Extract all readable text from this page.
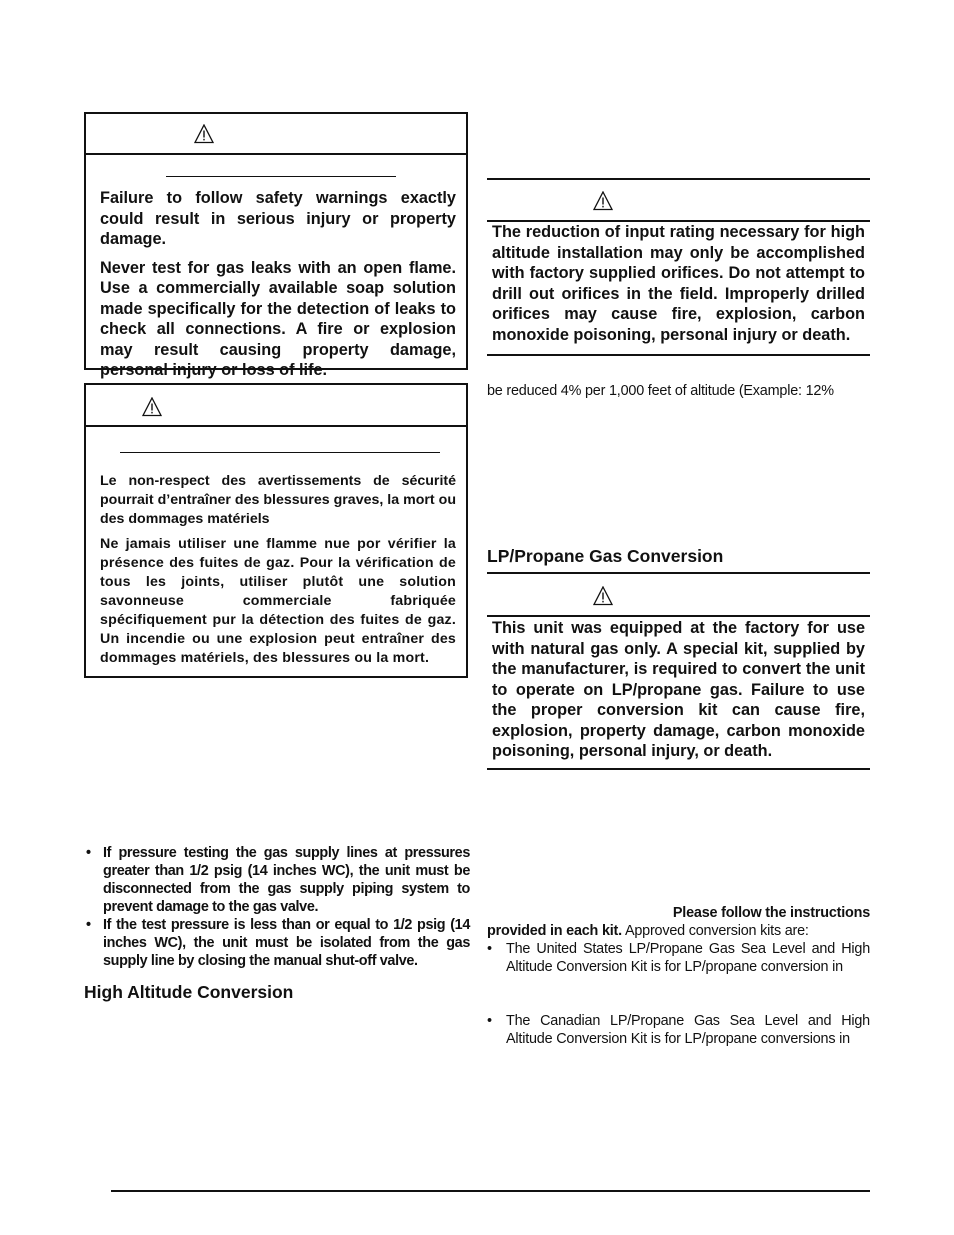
Failure to follow safety warnings exactly could result in serious injury or property damage.

Never test for gas leaks with an open flame. Use a commercially available soap solution made specifically for the detection of leaks to check all connections. A fire or explosion may result causing property damage, personal injury or loss of life.

Le non-respect des avertissements de sécurité pourrait d’entraîner des blessures graves, la mort ou des dommages matériels

Ne jamais utiliser une flamme nue por vérifier la présence des fuites de gaz. Pour la vérification de tous les joints, utiliser plutôt une solution savonneuse commerciale fabriquée spécifiquement pur la détection des fuites de gaz. Un incendie ou une explosion peut entraîner des dommages matériels, des blessures ou la mort.

• If pressure testing the gas supply lines at pressures greater than 1/2 psig (14 inches WC), the unit must be disconnected from the gas supply piping system to prevent damage to the gas valve.
• If the test pressure is less than or equal to 1/2 psig (14 inches WC), the unit must be isolated from the gas supply line by closing the manual shut-off valve.
High Altitude Conversion
The reduction of input rating necessary for high altitude installation may only be accomplished with factory supplied orifices. Do not attempt to drill out orifices in the field. Improperly drilled orifices may cause fire, explosion, carbon monoxide poisoning, personal injury or death.
be reduced 4% per 1,000 feet of altitude (Example: 12%
LP/Propane Gas Conversion
This unit was equipped at the factory for use with natural gas only. A special kit, supplied by the manufacturer, is required to convert the unit to operate on LP/propane gas. Failure to use the proper conversion kit can cause fire, explosion, property damage, carbon monoxide poisoning, personal injury, or death.
Please follow the instructions
provided in each kit. Approved conversion kits are:
• The United States LP/Propane Gas Sea Level and High Altitude Conversion Kit is for LP/propane conversion in
• The Canadian LP/Propane Gas Sea Level and High Altitude Conversion Kit is for LP/propane conversions in
